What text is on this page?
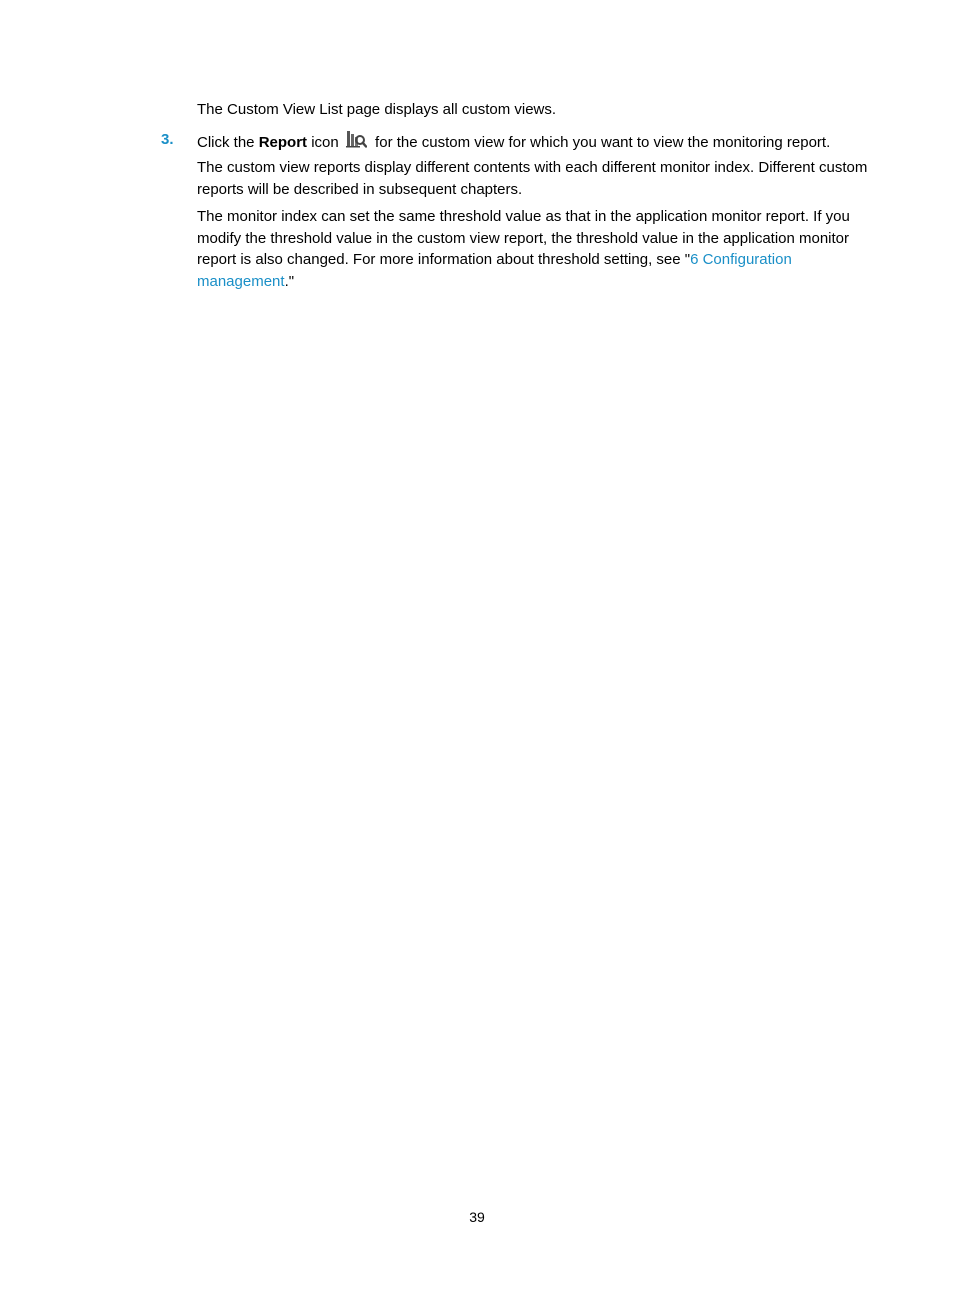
The Custom View List page displays all custom views.
3. Click the Report icon  for the custom view for which you want to view the monitoring report.
The custom view reports display different contents with each different monitor index. Different custom reports will be described in subsequent chapters.
The monitor index can set the same threshold value as that in the application monitor report. If you modify the threshold value in the custom view report, the threshold value in the application monitor report is also changed. For more information about threshold setting, see "6 Configuration management."
39
